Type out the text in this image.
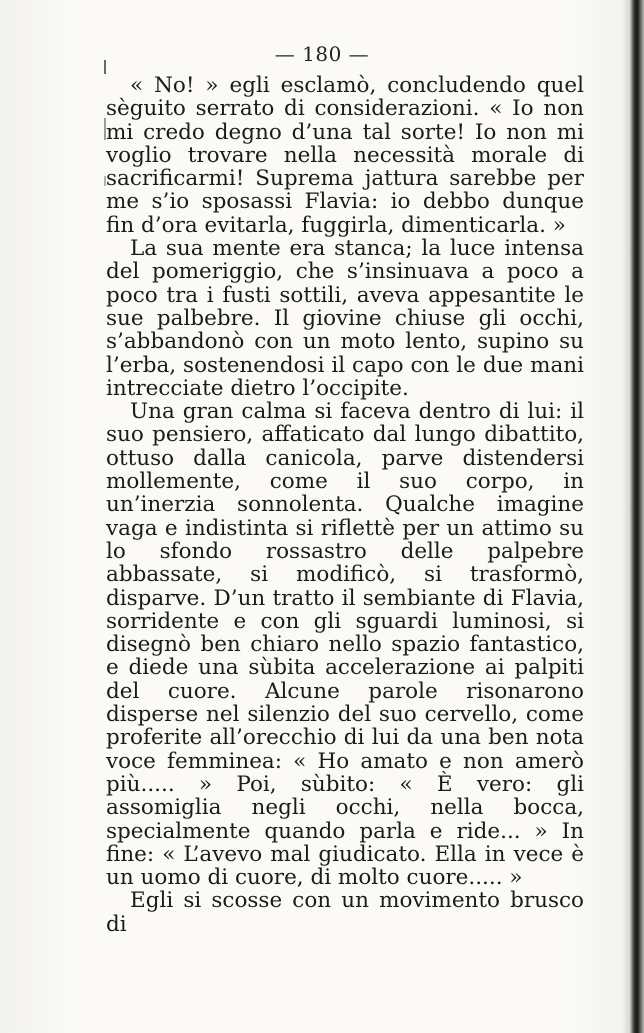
— 180 —

« No! » egli esclamò, concludendo quel sèguito serrato di considerazioni. « Io non mi credo degno d’una tal sorte! Io non mi voglio trovare nella necessità morale di sacrificarmi! Suprema jattura sarebbe per me s’io sposassi Flavia: io debbo dunque fin d’ora evitarla, fuggirla, dimenticarla. »

La sua mente era stanca; la luce intensa del pomeriggio, che s’insinuava a poco a poco tra i fusti sottili, aveva appesantite le sue palbebre. Il giovine chiuse gli occhi, s’abbandonò con un moto lento, supino su l’erba, sostenendosi il capo con le due mani intrecciate dietro l’occipite.

Una gran calma si faceva dentro di lui: il suo pensiero, affaticato dal lungo dibattito, ottuso dalla canicola, parve distendersi mollemente, come il suo corpo, in un’inerzia sonnolenta. Qualche imagine vaga e indistinta si riflettè per un attimo su lo sfondo rossastro delle palpebre abbassate, si modificò, si trasformò, disparve. D’un tratto il sembiante di Flavia, sorridente e con gli sguardi luminosi, si disegnò ben chiaro nello spazio fantastico, e diede una sùbita accelerazione ai palpiti del cuore. Alcune parole risonarono disperse nel silenzio del suo cervello, come proferite all’orecchio di lui da una ben nota voce femminea: « Ho amato e non amerò più..... » Poi, sùbito: « È vero: gli assomiglia negli occhi, nella bocca, specialmente quando parla e ride... » In fine: « L’avevo mal giudicato. Ella in vece è un uomo di cuore, di molto cuore..... »

Egli si scosse con un movimento brusco di
